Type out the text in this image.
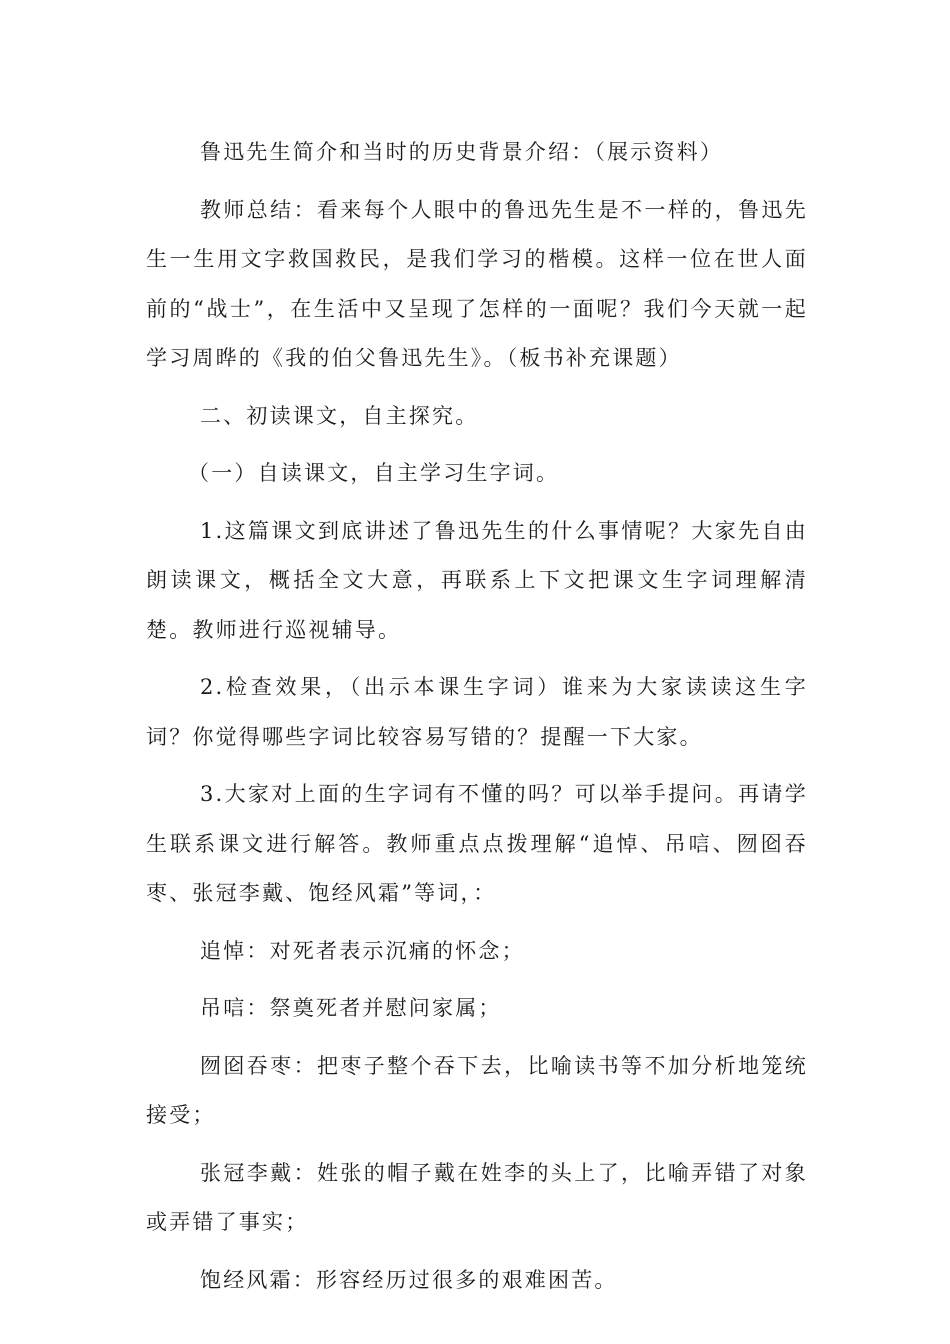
鲁迅先生简介和当时的历史背景介绍：（展示资料）

教师总结：看来每个人眼中的鲁迅先生是不一样的，鲁迅先生一生用文字救国救民，是我们学习的楷模。这样一位在世人面前的“战士”，在生活中又呈现了怎样的一面呢？我们今天就一起学习周晔的《我的伯父鲁迅先生》。（板书补充课题）

二、初读课文，自主探究。

（一）自读课文，自主学习生字词。

1.这篇课文到底讲述了鲁迅先生的什么事情呢？大家先自由朗读课文，概括全文大意，再联系上下文把课文生字词理解清楚。教师进行巡视辅导。

2.检查效果，（出示本课生字词）谁来为大家读读这生字词？你觉得哪些字词比较容易写错的？提醒一下大家。

3.大家对上面的生字词有不懂的吗？可以举手提问。再请学生联系课文进行解答。教师重点点拨理解“追悼、吊唁、囫囵吞枣、张冠李戴、饱经风霜”等词，：

追悼：对死者表示沉痛的怀念；

吊唁：祭奠死者并慰问家属；

囫囵吞枣：把枣子整个吞下去，比喻读书等不加分析地笼统接受；

张冠李戴：姓张的帽子戴在姓李的头上了，比喻弄错了对象或弄错了事实；

饱经风霜：形容经历过很多的艰难困苦。
